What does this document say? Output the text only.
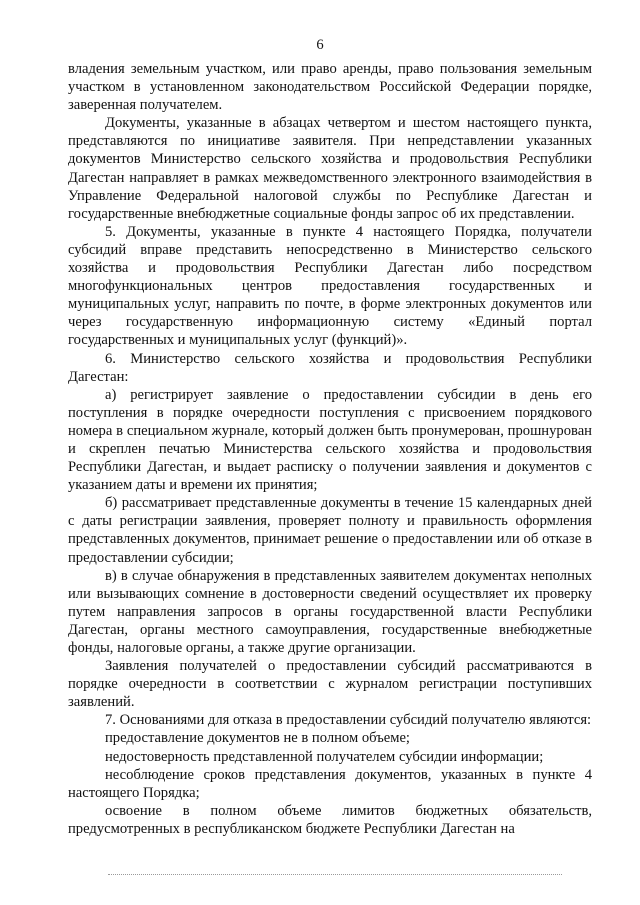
6

владения земельным участком, или право аренды, право пользования земельным участком в установленном законодательством Российской Федерации порядке, заверенная получателем.

Документы, указанные в абзацах четвертом и шестом настоящего пункта, представляются по инициативе заявителя. При непредставлении указанных документов Министерство сельского хозяйства и продовольствия Республики Дагестан направляет в рамках межведомственного электронного взаимодействия в Управление Федеральной налоговой службы по Республике Дагестан и государственные внебюджетные социальные фонды запрос об их представлении.

5. Документы, указанные в пункте 4 настоящего Порядка, получатели субсидий вправе представить непосредственно в Министерство сельского хозяйства и продовольствия Республики Дагестан либо посредством многофункциональных центров предоставления государственных и муниципальных услуг, направить по почте, в форме электронных документов или через государственную информационную систему «Единый портал государственных и муниципальных услуг (функций)».

6. Министерство сельского хозяйства и продовольствия Республики Дагестан:

а) регистрирует заявление о предоставлении субсидии в день его поступления в порядке очередности поступления с присвоением порядкового номера в специальном журнале, который должен быть пронумерован, прошнурован и скреплен печатью Министерства сельского хозяйства и продовольствия Республики Дагестан, и выдает расписку о получении заявления и документов с указанием даты и времени их принятия;

б) рассматривает представленные документы в течение 15 календарных дней с даты регистрации заявления, проверяет полноту и правильность оформления представленных документов, принимает решение о предоставлении или об отказе в предоставлении субсидии;

в) в случае обнаружения в представленных заявителем документах неполных или вызывающих сомнение в достоверности сведений осуществляет их проверку путем направления запросов в органы государственной власти Республики Дагестан, органы местного самоуправления, государственные внебюджетные фонды, налоговые органы, а также другие организации.

Заявления получателей о предоставлении субсидий рассматриваются в порядке очередности в соответствии с журналом регистрации поступивших заявлений.

7. Основаниями для отказа в предоставлении субсидий получателю являются:

предоставление документов не в полном объеме;

недостоверность представленной получателем субсидии информации;

несоблюдение сроков представления документов, указанных в пункте 4 настоящего Порядка;

освоение в полном объеме лимитов бюджетных обязательств, предусмотренных в республиканском бюджете Республики Дагестан на
